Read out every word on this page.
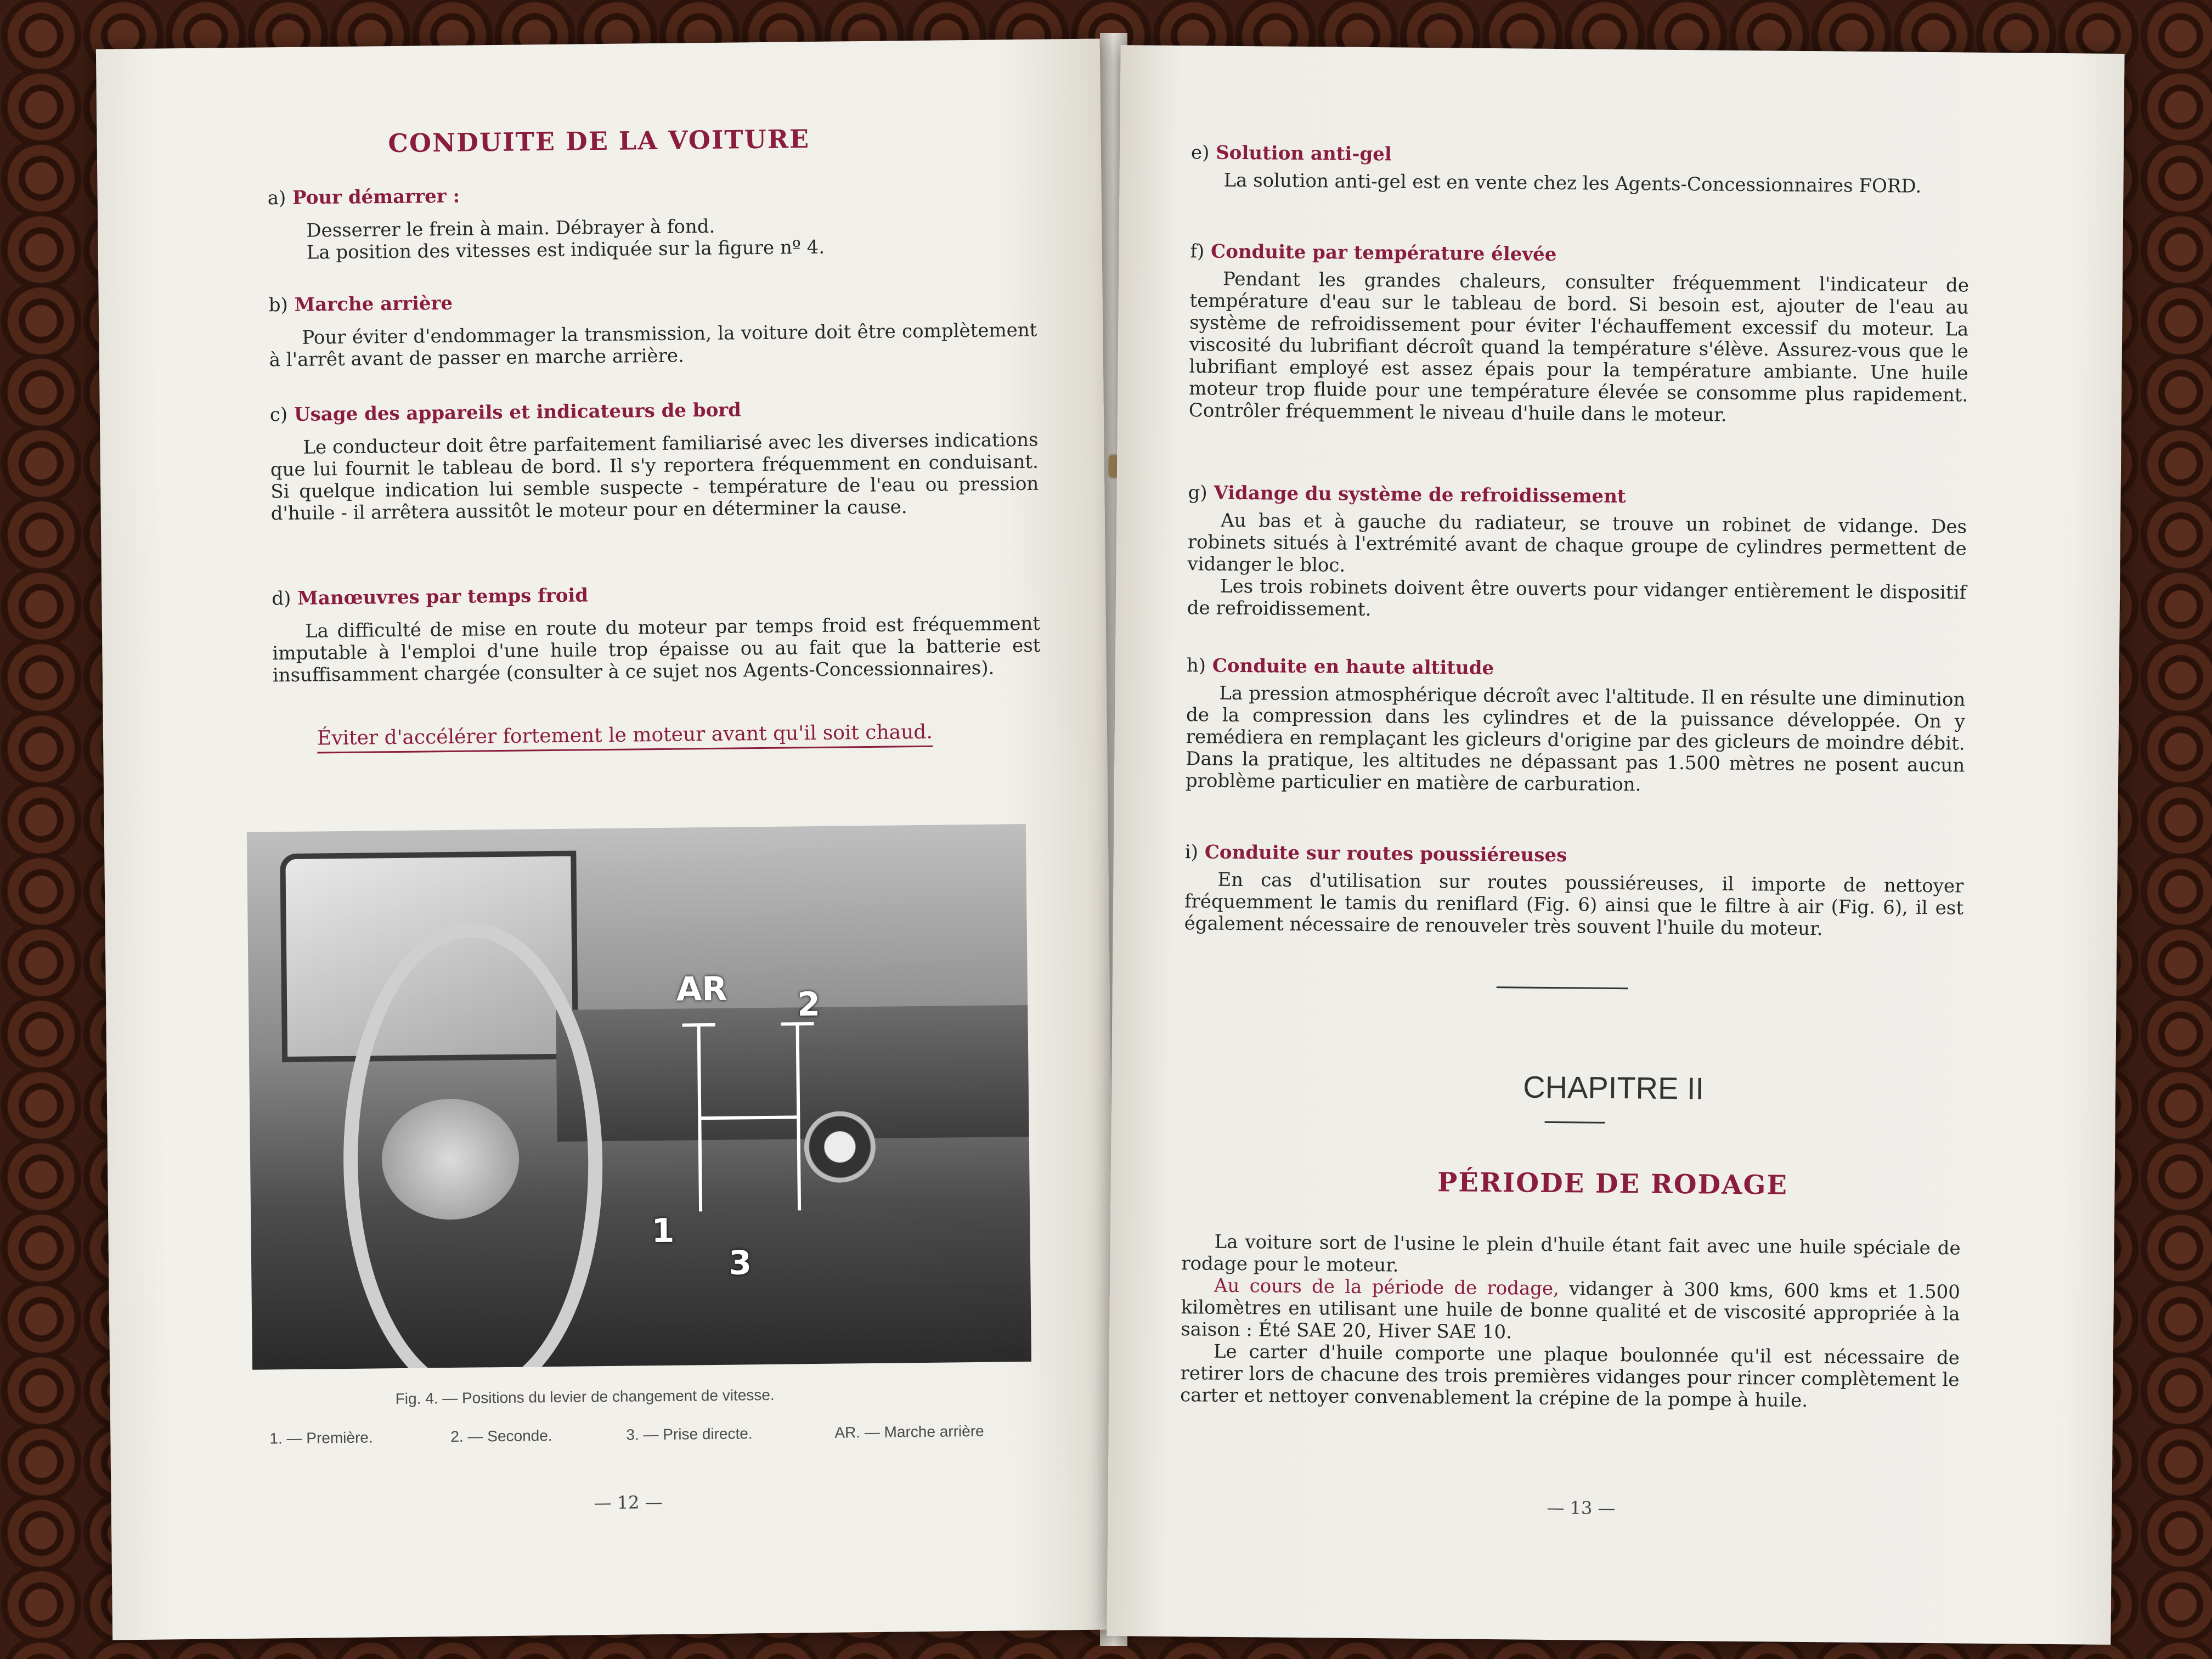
CONDUITE DE LA VOITURE
a) Pour démarrer :

Desserrer le frein à main. Débrayer à fond.

La position des vitesses est indiquée sur la figure nº 4.

b) Marche arrière

Pour éviter d'endommager la transmission, la voiture doit être complètement à l'arrêt avant de passer en marche arrière.

c) Usage des appareils et indicateurs de bord

Le conducteur doit être parfaitement familiarisé avec les diverses indications que lui fournit le tableau de bord. Il s'y reportera fréquemment en conduisant. Si quelque indication lui semble suspecte - température de l'eau ou pression d'huile - il arrêtera aussitôt le moteur pour en déterminer la cause.

d) Manœuvres par temps froid

La difficulté de mise en route du moteur par temps froid est fréquemment imputable à l'emploi d'une huile trop épaisse ou au fait que la batterie est insuffisamment chargée (consulter à ce sujet nos Agents-Concessionnaires).

Éviter d'accélérer fortement le moteur avant qu'il soit chaud.
AR 2
1
3
Fig. 4. — Positions du levier de changement de vitesse.
1. — Première.	2. — Seconde.	3. — Prise directe.	AR. — Marche arrière
— 12 —
e) Solution anti-gel

La solution anti-gel est en vente chez les Agents-Concessionnaires FORD.

f) Conduite par température élevée

Pendant les grandes chaleurs, consulter fréquemment l'indicateur de température d'eau sur le tableau de bord. Si besoin est, ajouter de l'eau au système de refroidissement pour éviter l'échauffement excessif du moteur. La viscosité du lubrifiant décroît quand la température s'élève. Assurez-vous que le lubrifiant employé est assez épais pour la température ambiante. Une huile moteur trop fluide pour une température élevée se consomme plus rapidement. Contrôler fréquemment le niveau d'huile dans le moteur.

g) Vidange du système de refroidissement

Au bas et à gauche du radiateur, se trouve un robinet de vidange. Des robinets situés à l'extrémité avant de chaque groupe de cylindres permettent de vidanger le bloc.

Les trois robinets doivent être ouverts pour vidanger entièrement le dispositif de refroidissement.

h) Conduite en haute altitude

La pression atmosphérique décroît avec l'altitude. Il en résulte une diminution de la compression dans les cylindres et de la puissance développée. On y remédiera en remplaçant les gicleurs d'origine par des gicleurs de moindre débit. Dans la pratique, les altitudes ne dépassant pas 1.500 mètres ne posent aucun problème particulier en matière de carburation.

i) Conduite sur routes poussiéreuses

En cas d'utilisation sur routes poussiéreuses, il importe de nettoyer fréquemment le tamis du reniflard (Fig. 6) ainsi que le filtre à air (Fig. 6), il est également nécessaire de renouveler très souvent l'huile du moteur.

CHAPITRE II
PÉRIODE DE RODAGE

La voiture sort de l'usine le plein d'huile étant fait avec une huile spéciale de rodage pour le moteur.

Au cours de la période de rodage, vidanger à 300 kms, 600 kms et 1.500 kilomètres en utilisant une huile de bonne qualité et de viscosité appropriée à la saison : Été SAE 20, Hiver SAE 10.

Le carter d'huile comporte une plaque boulonnée qu'il est nécessaire de retirer lors de chacune des trois premières vidanges pour rincer complètement le carter et nettoyer convenablement la crépine de la pompe à huile.

— 13 —
